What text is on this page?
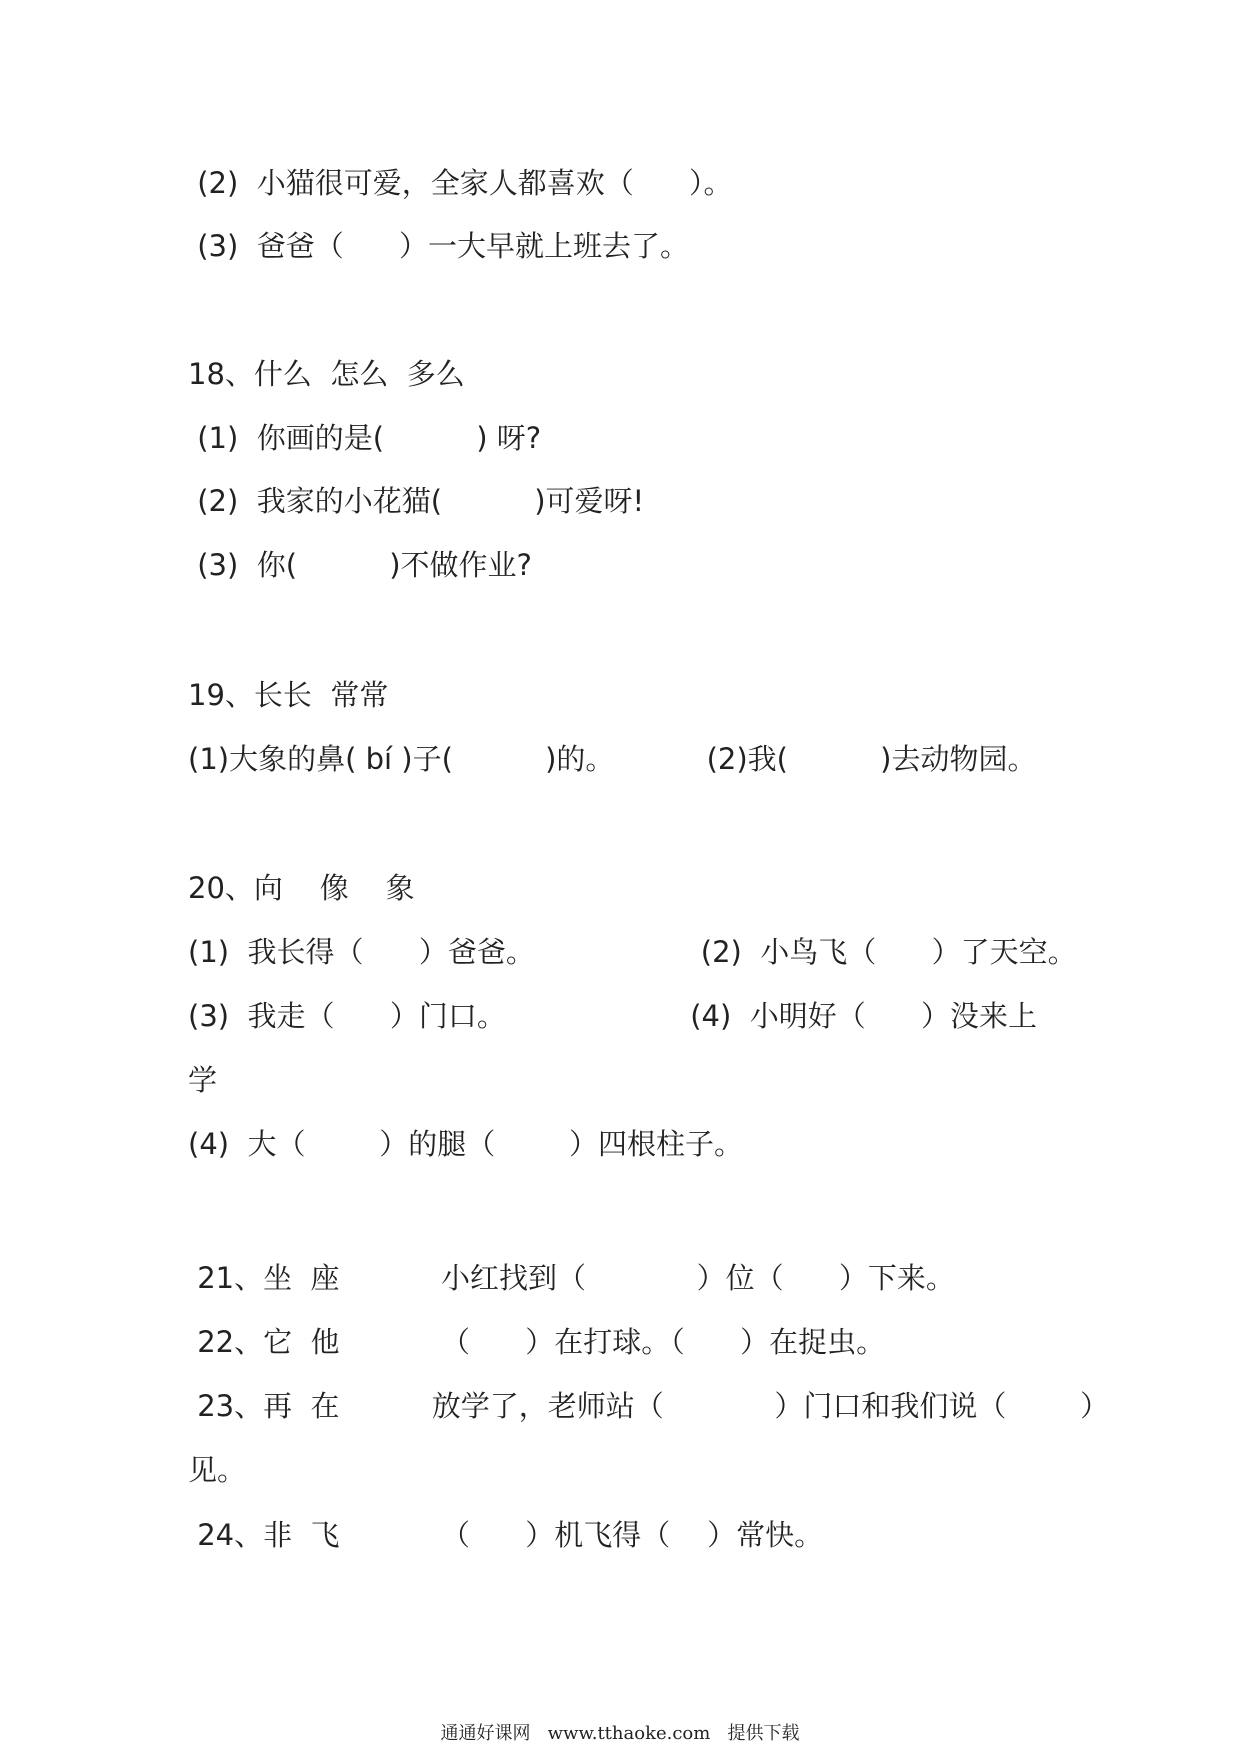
(2)  小猫很可爱，全家人都喜欢（      ）。
(3)  爸爸（      ）一大早就上班去了。
18、什么  怎么  多么
(1)  你画的是(          ) 呀?
(2)  我家的小花猫(          )可爱呀!
(3)  你(          )不做作业?
19、长长  常常
(1)大象的鼻( bí )子(          )的。          (2)我(          )去动物园。
20、向    像    象
(1)  我长得（      ）爸爸。                  (2)  小鸟飞（      ）了天空。
(3)  我走（      ）门口。                    (4)  小明好（      ）没来上
学
(4)  大（        ）的腿（        ）四根柱子。
21、坐  座           小红找到（            ）位（      ）下来。
22、它  他           （      ）在打球。（      ）在捉虫。
23、再  在          放学了，老师站（            ）门口和我们说（        ）
见。
24、非  飞           （      ）机飞得（    ）常快。
通通好课网   www.tthaoke.com   提供下载
